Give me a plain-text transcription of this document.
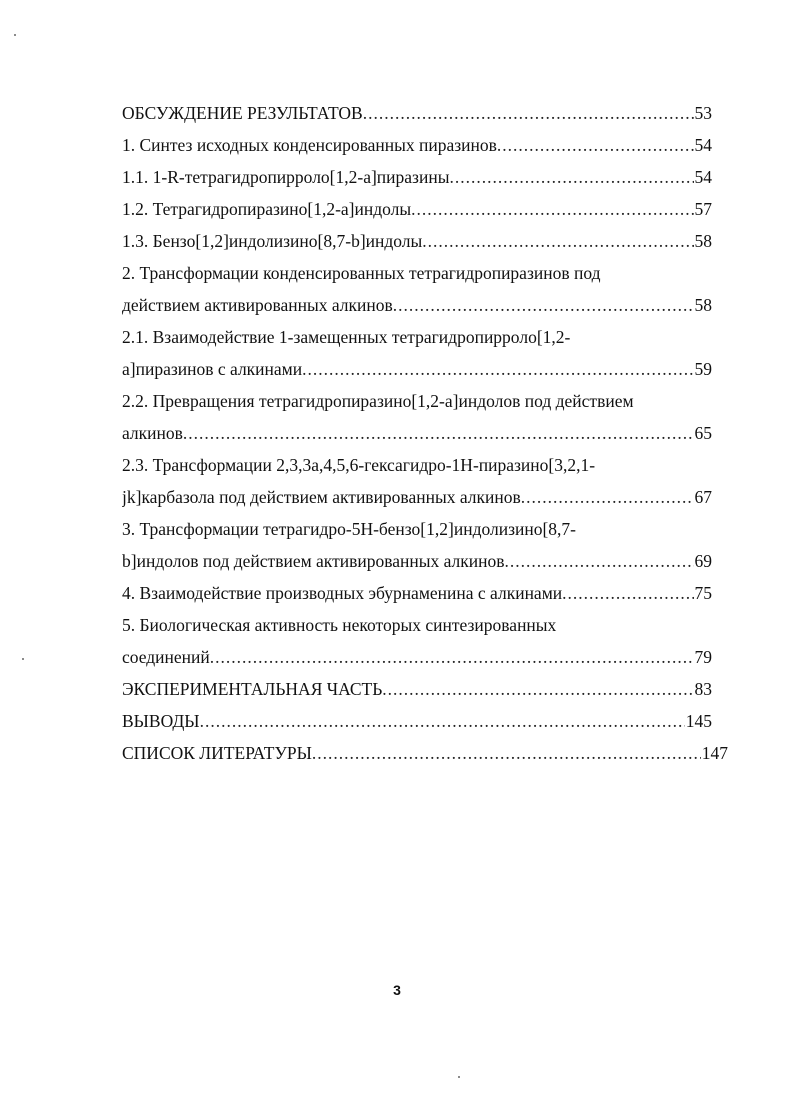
ОБСУЖДЕНИЕ РЕЗУЛЬТАТОВ .....	53
1. Синтез исходных конденсированных пиразинов .....	54
1.1. 1-R-тетрагидропирроло[1,2-a]пиразины .....	54
1.2. Тетрагидропиразино[1,2-a]индолы .....	57
1.3. Бензо[1,2]индолизино[8,7-b]индолы .....	58
2. Трансформации конденсированных тетрагидропиразинов под
действием активированных алкинов .....	58
2.1. Взаимодействие 1-замещенных тетрагидропирроло[1,2-
a]пиразинов с алкинами .....	59
2.2. Превращения тетрагидропиразино[1,2-a]индолов под действием
алкинов .....	65
2.3. Трансформации 2,3,3а,4,5,6-гексагидро-1H-пиразино[3,2,1-
jk]карбазола под действием активированных алкинов .....	67
3. Трансформации тетрагидро-5H-бензо[1,2]индолизино[8,7-
b]индолов под действием активированных алкинов .....	69
4. Взаимодействие производных эбурнаменина с алкинами .....	75
5. Биологическая активность некоторых синтезированных
соединений .....	79
ЭКСПЕРИМЕНТАЛЬНАЯ ЧАСТЬ .....	83
ВЫВОДЫ .....	145
СПИСОК ЛИТЕРАТУРЫ .....	147
3
